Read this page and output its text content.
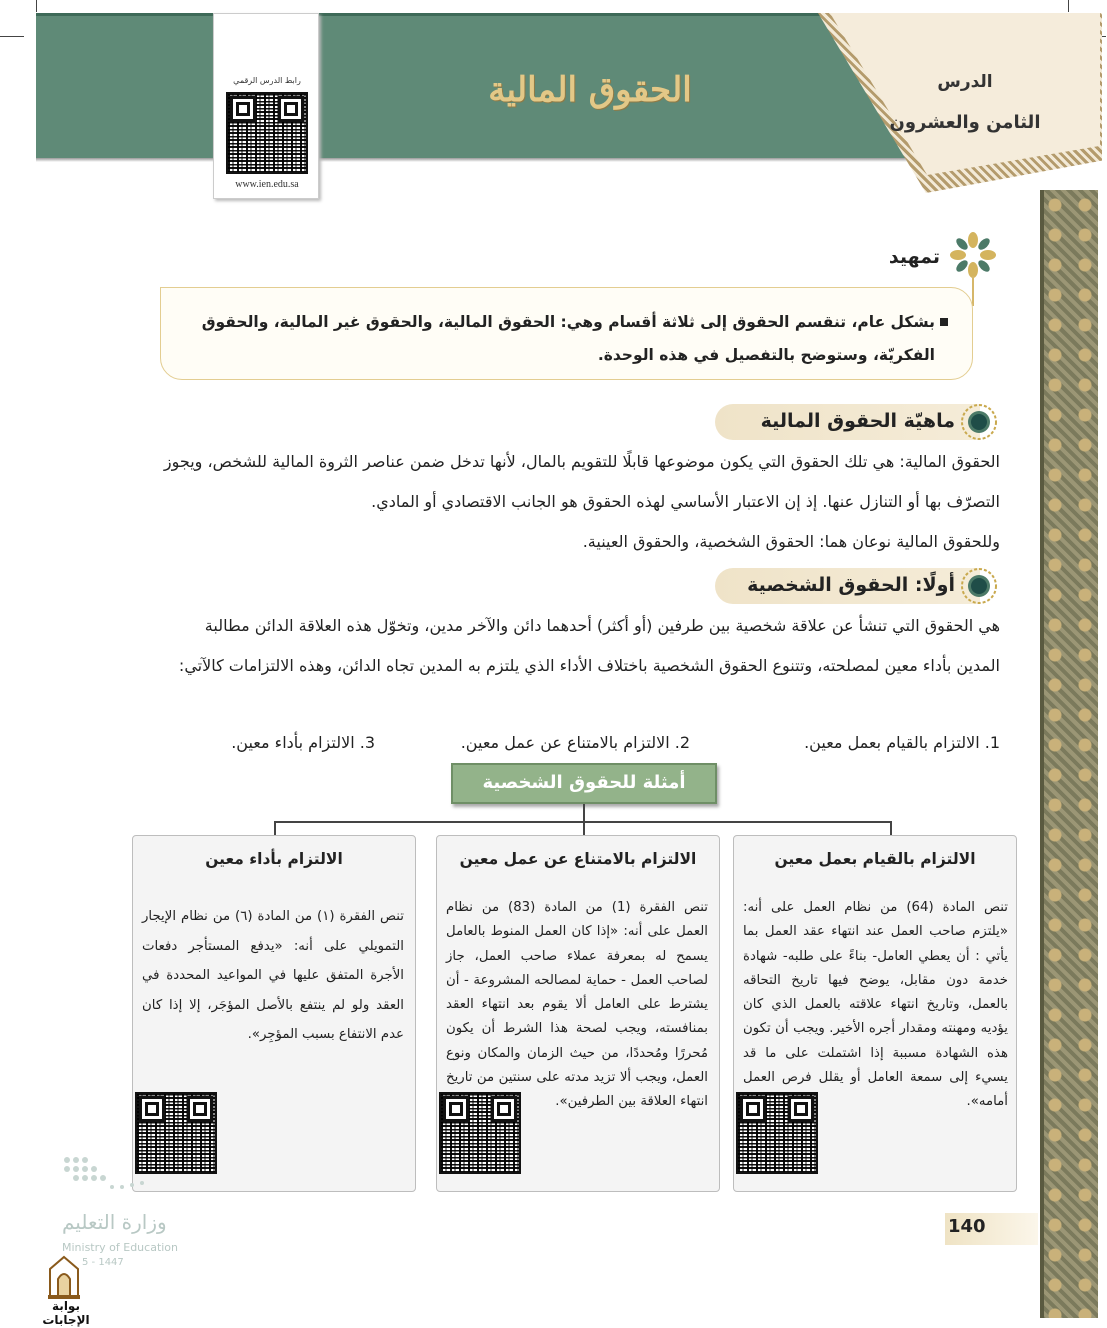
الحقوق المالية	الدرس
الثامن والعشرون
رابط الدرس الرقمي
www.ien.edu.sa
تمهيد
بشكل عام، تنقسم الحقوق إلى ثلاثة أقسام وهي: الحقوق المالية، والحقوق غير المالية، والحقوق الفكريّة، وستوضح بالتفصيل في هذه الوحدة.
ماهيّة الحقوق المالية
الحقوق المالية: هي تلك الحقوق التي يكون موضوعها قابلًا للتقويم بالمال، لأنها تدخل ضمن عناصر الثروة المالية للشخص، ويجوز التصرّف بها أو التنازل عنها. إذ إن الاعتبار الأساسي لهذه الحقوق هو الجانب الاقتصادي أو المادي.
وللحقوق المالية نوعان هما: الحقوق الشخصية، والحقوق العينية.
أولًا: الحقوق الشخصية
هي الحقوق التي تنشأ عن علاقة شخصية بين طرفين (أو أكثر) أحدهما دائن والآخر مدين، وتخوّل هذه العلاقة الدائن مطالبة المدين بأداء معين لمصلحته، وتتنوع الحقوق الشخصية باختلاف الأداء الذي يلتزم به المدين تجاه الدائن، وهذه الالتزامات كالآتي:
1. الالتزام بالقيام بعمل معين.
2. الالتزام بالامتناع عن عمل معين.
3. الالتزام بأداء معين.
أمثلة للحقوق الشخصية
الالتزام بالقيام بعمل معين
تنص المادة (64) من نظام العمل على أنه: «يلتزم صاحب العمل عند انتهاء عقد العمل بما يأتي : أن يعطي العامل- بناءً على طلبه- شهادة خدمة دون مقابل، يوضح فيها تاريخ التحاقه بالعمل، وتاريخ انتهاء علاقته بالعمل الذي كان يؤديه ومهنته ومقدار أجره الأخير. ويجب أن تكون هذه الشهادة مسببة إذا اشتملت على ما قد يسيء إلى سمعة العامل أو يقلل فرص العمل أمامه».
الالتزام بالامتناع عن عمل معين
تنص الفقرة (1) من المادة (83) من نظام العمل على أنه: «إذا كان العمل المنوط بالعامل يسمح له بمعرفة عملاء صاحب العمل، جاز لصاحب العمل - حماية لمصالحه المشروعة - أن يشترط على العامل ألا يقوم بعد انتهاء العقد بمنافسته، ويجب لصحة هذا الشرط أن يكون مُحررًا ومُحددًا، من حيث الزمان والمكان ونوع العمل، ويجب ألا تزيد مدته على سنتين من تاريخ انتهاء العلاقة بين الطرفين».
الالتزام بأداء معين
تنص الفقرة (١) من المادة (٦) من نظام الإيجار التمويلي على أنه: «يدفع المستأجر دفعات الأجرة المتفق عليها في المواعيد المحددة في العقد ولو لم ينتفع بالأصل المؤجَر، إلا إذا كان عدم الانتفاع بسبب المؤجِر».
140
وزارة التعليم
Ministry of Education
5 - 1447
بوابة الإجابات
